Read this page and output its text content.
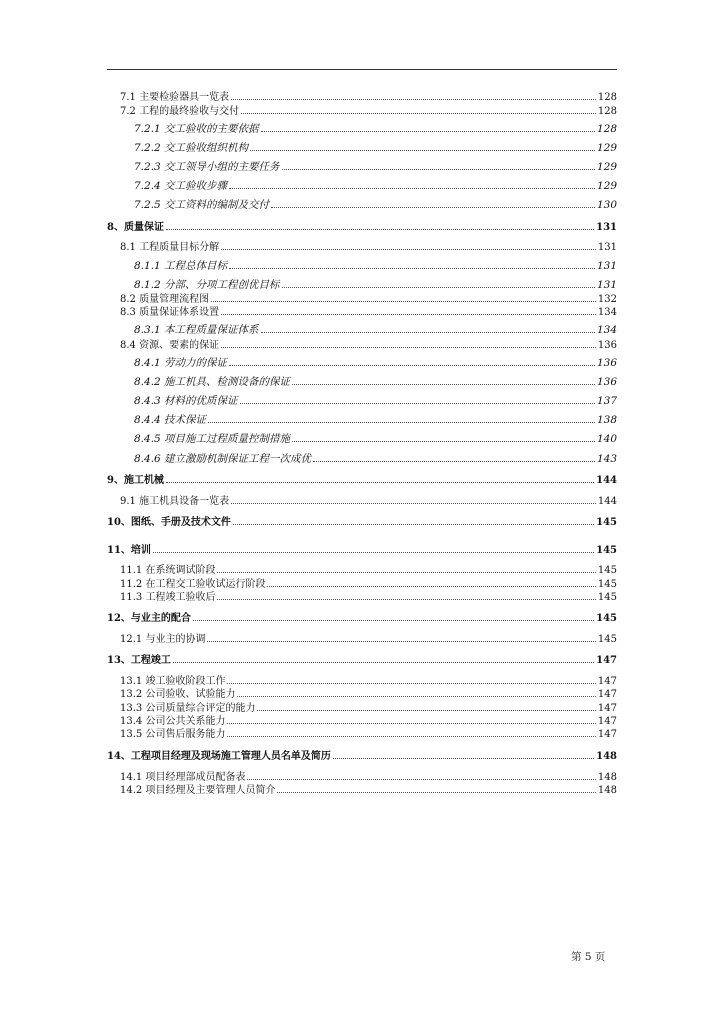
7.1 主要检验器具一览表	128
7.2 工程的最终验收与交付	128
7.2.1 交工验收的主要依据	128
7.2.2 交工验收组织机构	129
7.2.3 交工领导小组的主要任务	129
7.2.4 交工验收步骤	129
7.2.5 交工资料的编制及交付	130
8、质量保证	131
8.1 工程质量目标分解	131
8.1.1 工程总体目标	131
8.1.2 分部、分项工程创优目标	131
8.2 质量管理流程图	132
8.3 质量保证体系设置	134
8.3.1 本工程质量保证体系	134
8.4 资源、要素的保证	136
8.4.1 劳动力的保证	136
8.4.2 施工机具、检测设备的保证	136
8.4.3 材料的优质保证	137
8.4.4 技术保证	138
8.4.5 项目施工过程质量控制措施	140
8.4.6 建立激励机制保证工程一次成优	143
9、施工机械	144
9.1 施工机具设备一览表	144
10、图纸、手册及技术文件	145
11、培训	145
11.1 在系统调试阶段	145
11.2 在工程交工验收试运行阶段	145
11.3 工程竣工验收后	145
12、与业主的配合	145
12.1 与业主的协调	145
13、工程竣工	147
13.1 竣工验收阶段工作	147
13.2 公司验收、试验能力	147
13.3 公司质量综合评定的能力	147
13.4 公司公共关系能力	147
13.5 公司售后服务能力	147
14、工程项目经理及现场施工管理人员名单及简历	148
14.1 项目经理部成员配备表	148
14.2 项目经理及主要管理人员简介	148
第 5 页
